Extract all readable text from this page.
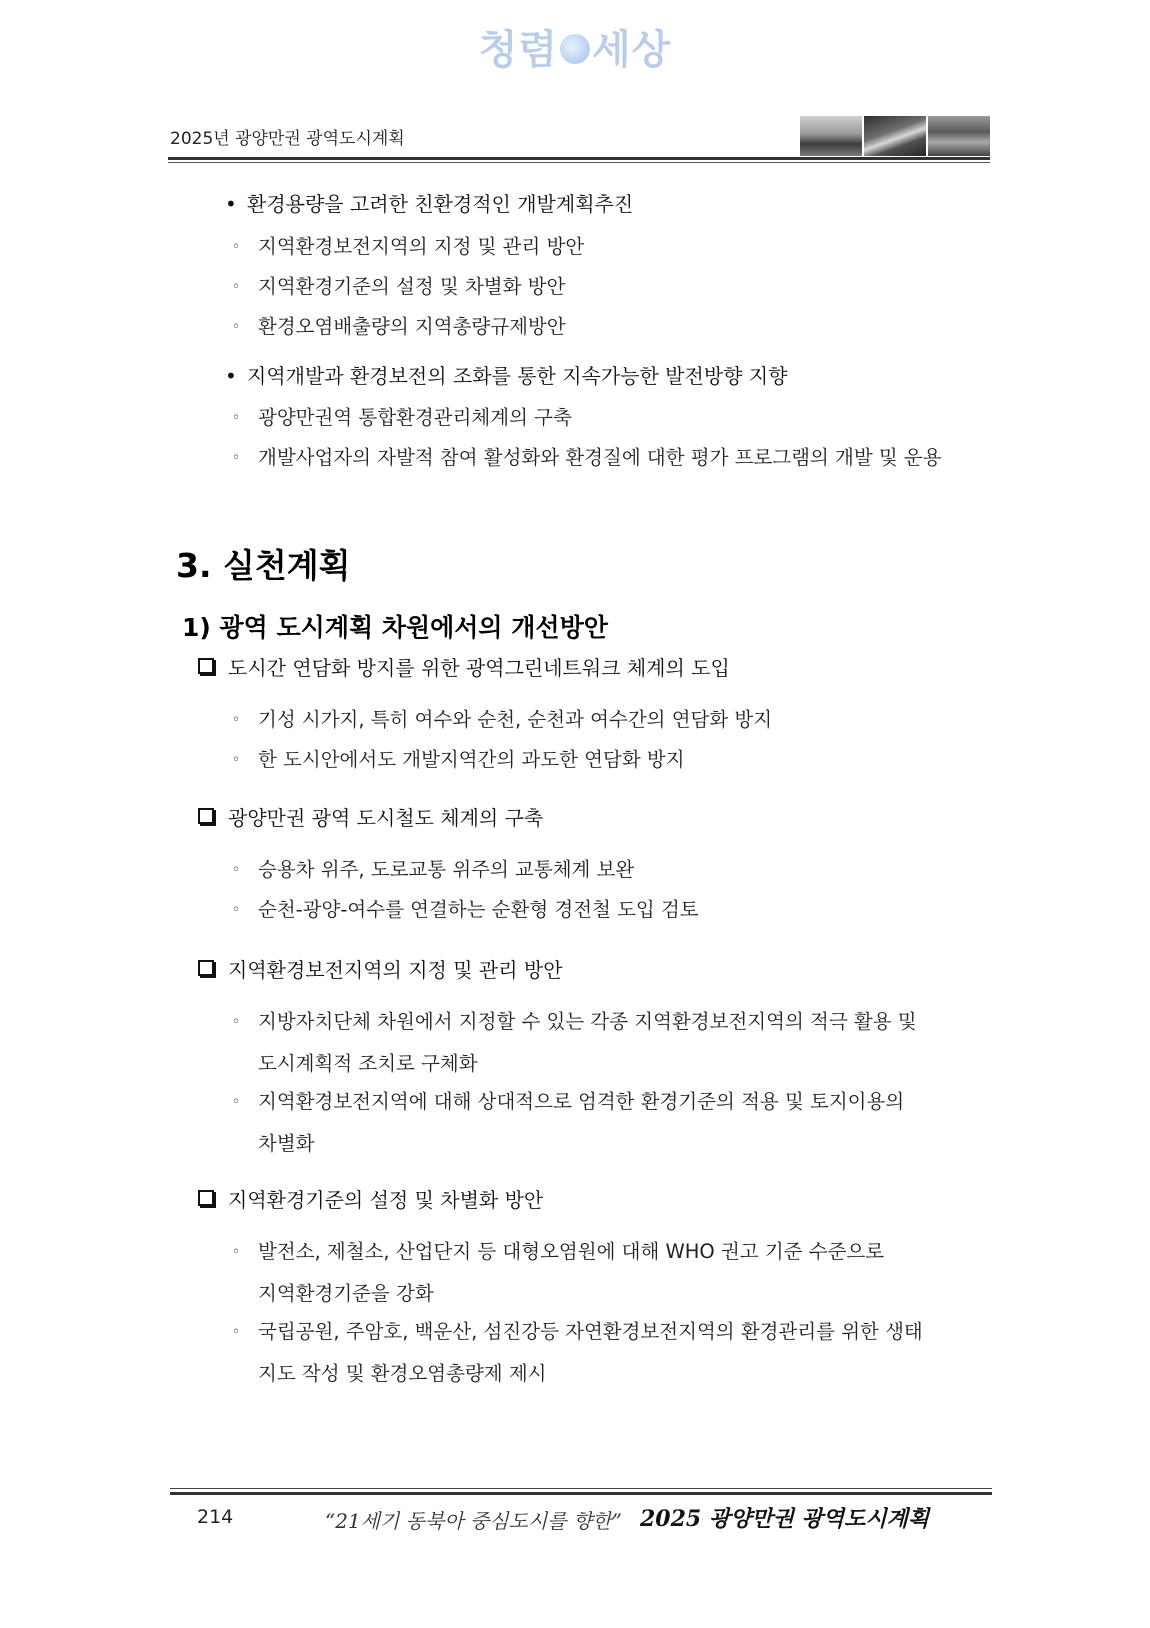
청렴 세상
2025년 광양만권 광역도시계획
• 환경용량을 고려한 친환경적인 개발계획추진
◦ 지역환경보전지역의 지정 및 관리 방안
◦ 지역환경기준의 설정 및 차별화 방안
◦ 환경오염배출량의 지역총량규제방안
• 지역개발과 환경보전의 조화를 통한 지속가능한 발전방향 지향
◦ 광양만권역 통합환경관리체계의 구축
◦ 개발사업자의 자발적 참여 활성화와 환경질에 대한 평가 프로그램의 개발 및 운용
3. 실천계획
1) 광역 도시계획 차원에서의 개선방안
도시간 연담화 방지를 위한 광역그린네트워크 체계의 도입
◦ 기성 시가지, 특히 여수와 순천, 순천과 여수간의 연담화 방지
◦ 한 도시안에서도 개발지역간의 과도한 연담화 방지
광양만권 광역 도시철도 체계의 구축
◦ 승용차 위주, 도로교통 위주의 교통체계 보완
◦ 순천-광양-여수를 연결하는 순환형 경전철 도입 검토
지역환경보전지역의 지정 및 관리 방안
◦ 지방자치단체 차원에서 지정할 수 있는 각종 지역환경보전지역의 적극 활용 및
도시계획적 조치로 구체화
◦ 지역환경보전지역에 대해 상대적으로 엄격한 환경기준의 적용 및 토지이용의
차별화
지역환경기준의 설정 및 차별화 방안
◦ 발전소, 제철소, 산업단지 등 대형오염원에 대해 WHO 권고 기준 수준으로
지역환경기준을 강화
◦ 국립공원, 주암호, 백운산, 섬진강등 자연환경보전지역의 환경관리를 위한 생태
지도 작성 및 환경오염총량제 제시
214	“21세기 동북아 중심도시를 향한” 2025 광양만권 광역도시계획
